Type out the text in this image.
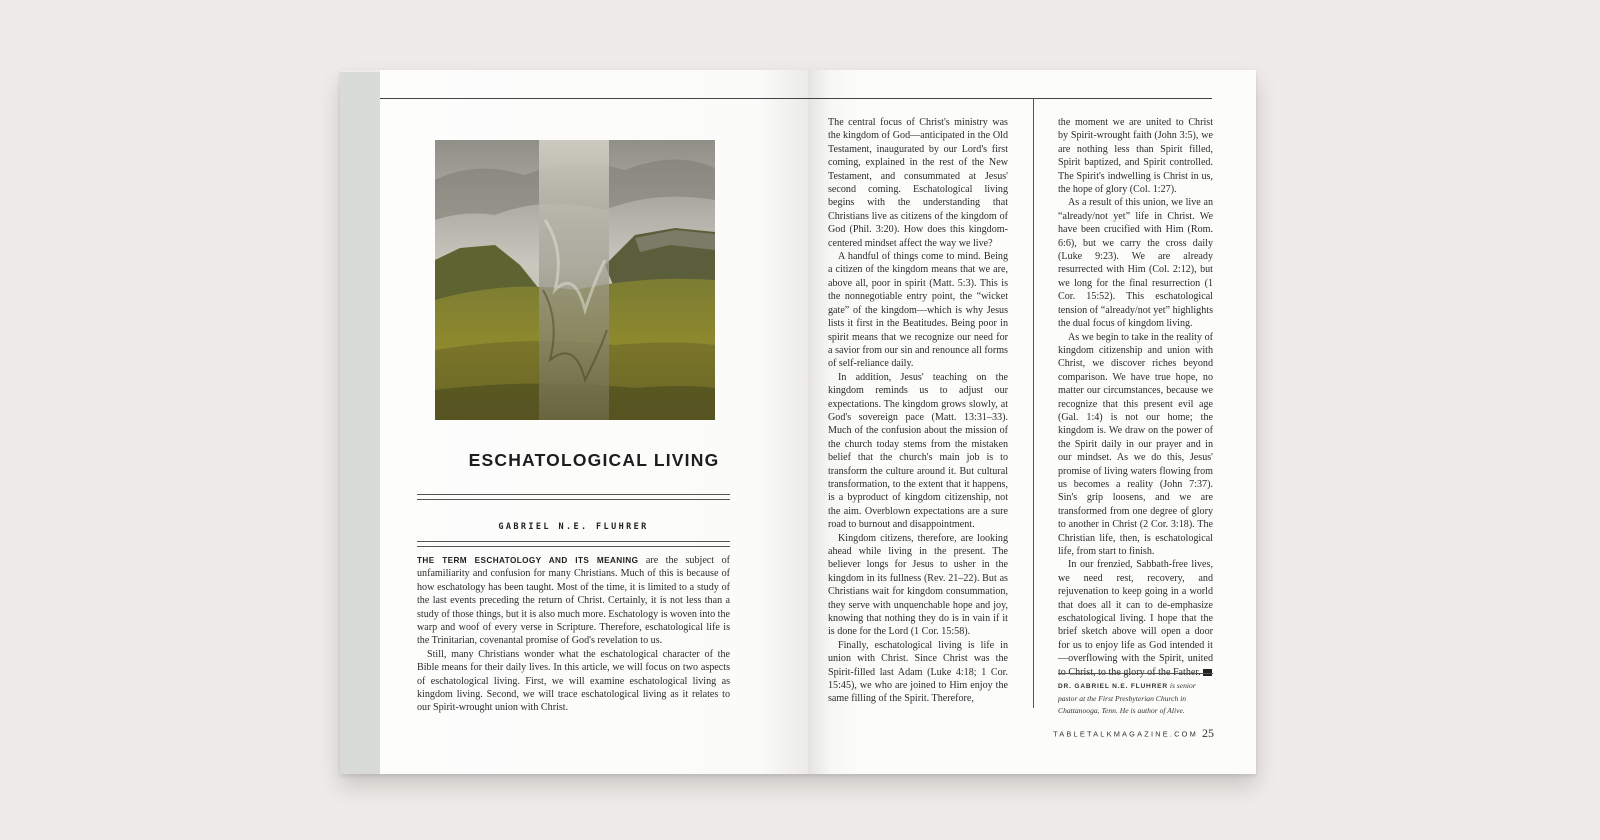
ESCHATOLOGICAL LIVING
GABRIEL N.E. FLUHRER

THE TERM ESCHATOLOGY AND ITS MEANING are the subject of unfamiliarity and confusion for many Christians. Much of this is because of how eschatology has been taught. Most of the time, it is limited to a study of the last events preceding the return of Christ. Certainly, it is not less than a study of those things, but it is also much more. Eschatology is woven into the warp and woof of every verse in Scripture. Therefore, eschatological life is the Trinitarian, covenantal promise of God's revelation to us.

Still, many Christians wonder what the eschatological character of the Bible means for their daily lives. In this article, we will focus on two aspects of eschatological living. First, we will examine eschatological living as kingdom living. Second, we will trace eschatological living as it relates to our Spirit-wrought union with Christ.

The central focus of Christ's ministry was the kingdom of God—anticipated in the Old Testament, inaugurated by our Lord's first coming, explained in the rest of the New Testament, and consummated at Jesus' second coming. Eschatological living begins with the understanding that Christians live as citizens of the kingdom of God (Phil. 3:20). How does this kingdom-centered mindset affect the way we live?

A handful of things come to mind. Being a citizen of the kingdom means that we are, above all, poor in spirit (Matt. 5:3). This is the nonnegotiable entry point, the “wicket gate” of the kingdom—which is why Jesus lists it first in the Beatitudes. Being poor in spirit means that we recognize our need for a savior from our sin and renounce all forms of self-reliance daily.

In addition, Jesus' teaching on the kingdom reminds us to adjust our expectations. The kingdom grows slowly, at God's sovereign pace (Matt. 13:31–33). Much of the confusion about the mission of the church today stems from the mistaken belief that the church's main job is to transform the culture around it. But cultural transformation, to the extent that it happens, is a byproduct of kingdom citizenship, not the aim. Overblown expectations are a sure road to burnout and disappointment.

Kingdom citizens, therefore, are looking ahead while living in the present. The believer longs for Jesus to usher in the kingdom in its fullness (Rev. 21–22). But as Christians wait for kingdom consummation, they serve with unquenchable hope and joy, knowing that nothing they do is in vain if it is done for the Lord (1 Cor. 15:58).

Finally, eschatological living is life in union with Christ. Since Christ was the Spirit-filled last Adam (Luke 4:18; 1 Cor. 15:45), we who are joined to Him enjoy the same filling of the Spirit. Therefore,

the moment we are united to Christ by Spirit-wrought faith (John 3:5), we are nothing less than Spirit filled, Spirit baptized, and Spirit controlled. The Spirit's indwelling is Christ in us, the hope of glory (Col. 1:27).

As a result of this union, we live an “already/not yet” life in Christ. We have been crucified with Him (Rom. 6:6), but we carry the cross daily (Luke 9:23). We are already resurrected with Him (Col. 2:12), but we long for the final resurrection (1 Cor. 15:52). This eschatological tension of “already/not yet” highlights the dual focus of kingdom living.

As we begin to take in the reality of kingdom citizenship and union with Christ, we discover riches beyond comparison. We have true hope, no matter our circumstances, because we recognize that this present evil age (Gal. 1:4) is not our home; the kingdom is. We draw on the power of the Spirit daily in our prayer and in our mindset. As we do this, Jesus' promise of living waters flowing from us becomes a reality (John 7:37). Sin's grip loosens, and we are transformed from one degree of glory to another in Christ (2 Cor. 3:18). The Christian life, then, is eschatological life, from start to finish.

In our frenzied, Sabbath-free lives, we need rest, recovery, and rejuvenation to keep going in a world that does all it can to de-emphasize eschatological living. I hope that the brief sketch above will open a door for us to enjoy life as God intended it—overflowing with the Spirit, united to Christ, to the glory of the Father. T

DR. GABRIEL N.E. FLUHRER is senior pastor at the First Presbyterian Church in Chattanooga, Tenn. He is author of Alive.

TABLETALKMAGAZINE.COM 25
